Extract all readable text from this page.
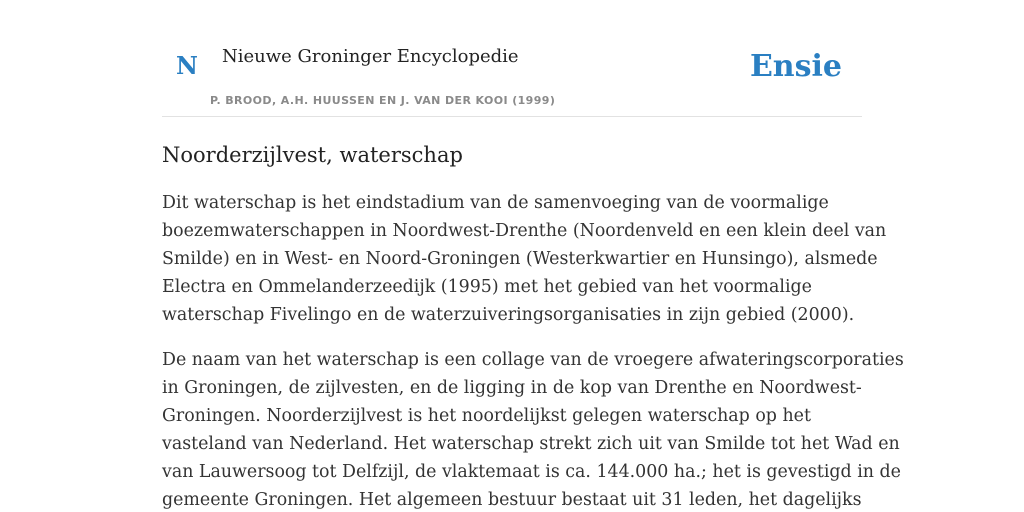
N Nieuwe Groninger Encyclopedie
P. BROOD, A.H. HUUSSEN EN J. VAN DER KOOI (1999)
Ensie
Noorderzijlvest, waterschap

Dit waterschap is het eindstadium van de samenvoeging van de voormalige
boezemwaterschappen in Noordwest-Drenthe (Noordenveld en een klein deel van
Smilde) en in West- en Noord-Groningen (Westerkwartier en Hunsingo), alsmede
Electra en Ommelanderzeedijk (1995) met het gebied van het voormalige
waterschap Fivelingo en de waterzuiveringsorganisaties in zijn gebied (2000).

De naam van het waterschap is een collage van de vroegere afwateringscorporaties
in Groningen, de zijlvesten, en de ligging in de kop van Drenthe en Noordwest-
Groningen. Noorderzijlvest is het noordelijkst gelegen waterschap op het
vasteland van Nederland. Het waterschap strekt zich uit van Smilde tot het Wad en
van Lauwersoog tot Delfzijl, de vlaktemaat is ca. 144.000 ha.; het is gevestigd in de
gemeente Groningen. Het algemeen bestuur bestaat uit 31 leden, het dagelijks
